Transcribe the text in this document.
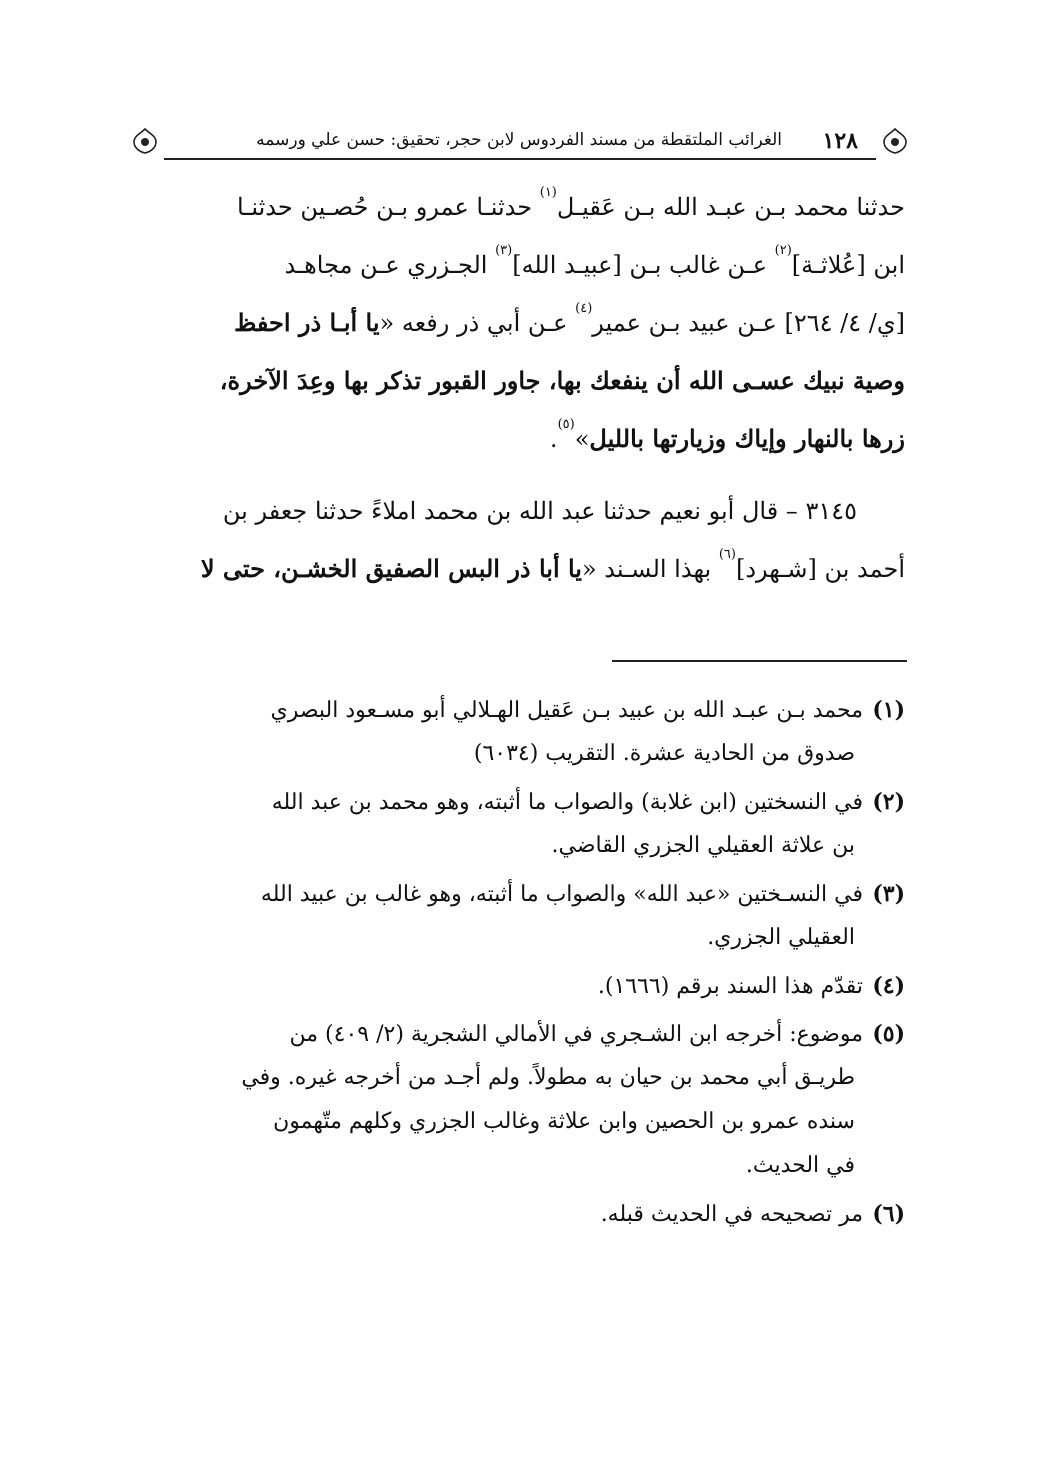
١٢٨
الغرائب الملتقطة من مسند الفردوس لابن حجر، تحقيق: حسن علي ورسمه
حدثنا محمد بـن عبـد الله بـن عَقيـل$^{(١)}$ حدثنـا عمرو بـن حُصـين حدثنـا
ابن [عُلاثـة]$^{(٢)}$ عـن غالب بـن [عبيـد الله]$^{(٣)}$ الجـزري عـن مجاهـد
[ي/ ٤/ ٢٦٤] عـن عبيد بـن عمير$^{(٤)}$ عـن أبي ذر رفعه «يا أبـا ذر احفظ
وصية نبيك عسـى الله أن ينفعك بها، جاور القبور تذكر بها وعِدَ الآخرة،
زرها بالنهار وإياك وزيارتها بالليل»$^{(٥)}$.
٣١٤٥ – قال أبو نعيم حدثنا عبد الله بن محمد املاءً حدثنا جعفر بن
أحمد بن [شـهرد]$^{(٦)}$ بهذا السـند «يا أبا ذر البس الصفيق الخشـن، حتى لا
(١)محمد بـن عبـد الله بن عبيد بـن عَقيل الهـلالي أبو مسـعود البصري
صدوق من الحادية عشرة. التقريب (٦٠٣٤)
(٢)في النسختين (ابن غلابة) والصواب ما أثبته، وهو محمد بن عبد الله
بن علاثة العقيلي الجزري القاضي.
(٣)في النسـختين «عبد الله» والصواب ما أثبته، وهو غالب بن عبيد الله
العقيلي الجزري.
(٤)تقدّم هذا السند برقم (١٦٦٦).
(٥)موضوع: أخرجه ابن الشـجري في الأمالي الشجرية (٢/ ٤٠٩) من
طريـق أبي محمد بن حيان به مطولاً. ولم أجـد من أخرجه غيره. وفي
سنده عمرو بن الحصين وابن علاثة وغالب الجزري وكلهم متّهمون
في الحديث.
(٦)مر تصحيحه في الحديث قبله.
